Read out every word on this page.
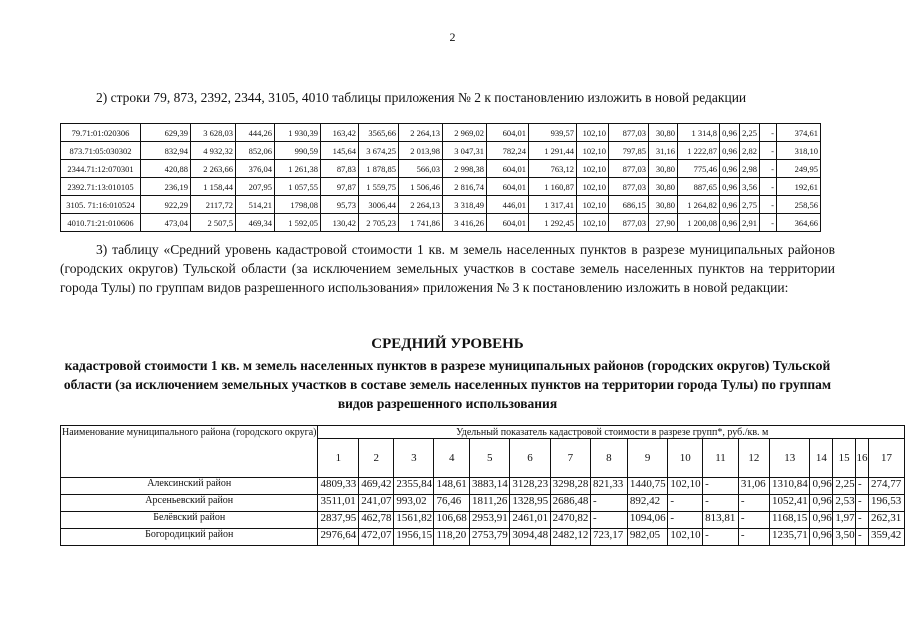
2
2) строки 79, 873, 2392, 2344, 3105, 4010 таблицы приложения № 2 к постановлению изложить в новой редакции
79.71:01:020306	629,39	3 628,03	444,26	1 930,39	163,42	3565,66	2 264,13	2 969,02	604,01	939,57	102,10	877,03	30,80	1 314,8	0,96	2,25	-	374,61
873.71:05:030302	832,94	4 932,32	852,06	990,59	145,64	3 674,25	2 013,98	3 047,31	782,24	1 291,44	102,10	797,85	31,16	1 222,87	0,96	2,82	-	318,10
2344.71:12:070301	420,88	2 263,66	376,04	1 261,38	87,83	1 878,85	566,03	2 998,38	604,01	763,12	102,10	877,03	30,80	775,46	0,96	2,98	-	249,95
2392.71:13:010105	236,19	1 158,44	207,95	1 057,55	97,87	1 559,75	1 506,46	2 816,74	604,01	1 160,87	102,10	877,03	30,80	887,65	0,96	3,56	-	192,61
3105. 71:16:010524	922,29	2117,72	514,21	1798,08	95,73	3006,44	2 264,13	3 318,49	446,01	1 317,41	102,10	686,15	30,80	1 264,82	0,96	2,75	-	258,56
4010.71:21:010606	473,04	2 507,5	469,34	1 592,05	130,42	2 705,23	1 741,86	3 416,26	604,01	1 292,45	102,10	877,03	27,90	1 200,08	0,96	2,91	-	364,66
3) таблицу «Средний уровень кадастровой стоимости 1 кв. м земель населенных пунктов в разрезе муниципальных районов (городских округов) Тульской области (за исключением земельных участков в составе земель населенных пунктов на территории города Тулы) по группам видов разрешенного использования» приложения № 3 к постановлению изложить в новой редакции:
СРЕДНИЙ УРОВЕНЬ
кадастровой стоимости 1 кв. м земель населенных пунктов в разрезе муниципальных районов (городских округов) Тульской области (за исключением земельных участков в составе земель населенных пунктов на территории города Тулы) по группам видов разрешенного использования
Наименование муниципального района (городского округа)	Удельный показатель кадастровой стоимости в разрезе групп*, руб./кв. м																
	1	2	3	4	5	6	7	8	9	10	11	12	13	14	15	16	17
Алексинский район	4809,33	469,42	2355,84	148,61	3883,14	3128,23	3298,28	821,33	1440,75	102,10	-	31,06	1310,84	0,96	2,25	-	274,77
Арсеньевский район	3511,01	241,07	993,02	76,46	1811,26	1328,95	2686,48	-	892,42	-	-	-	1052,41	0,96	2,53	-	196,53
Белёвский район	2837,95	462,78	1561,82	106,68	2953,91	2461,01	2470,82	-	1094,06	-	813,81	-	1168,15	0,96	1,97	-	262,31
Богородицкий район	2976,64	472,07	1956,15	118,20	2753,79	3094,48	2482,12	723,17	982,05	102,10	-	-	1235,71	0,96	3,50	-	359,42
